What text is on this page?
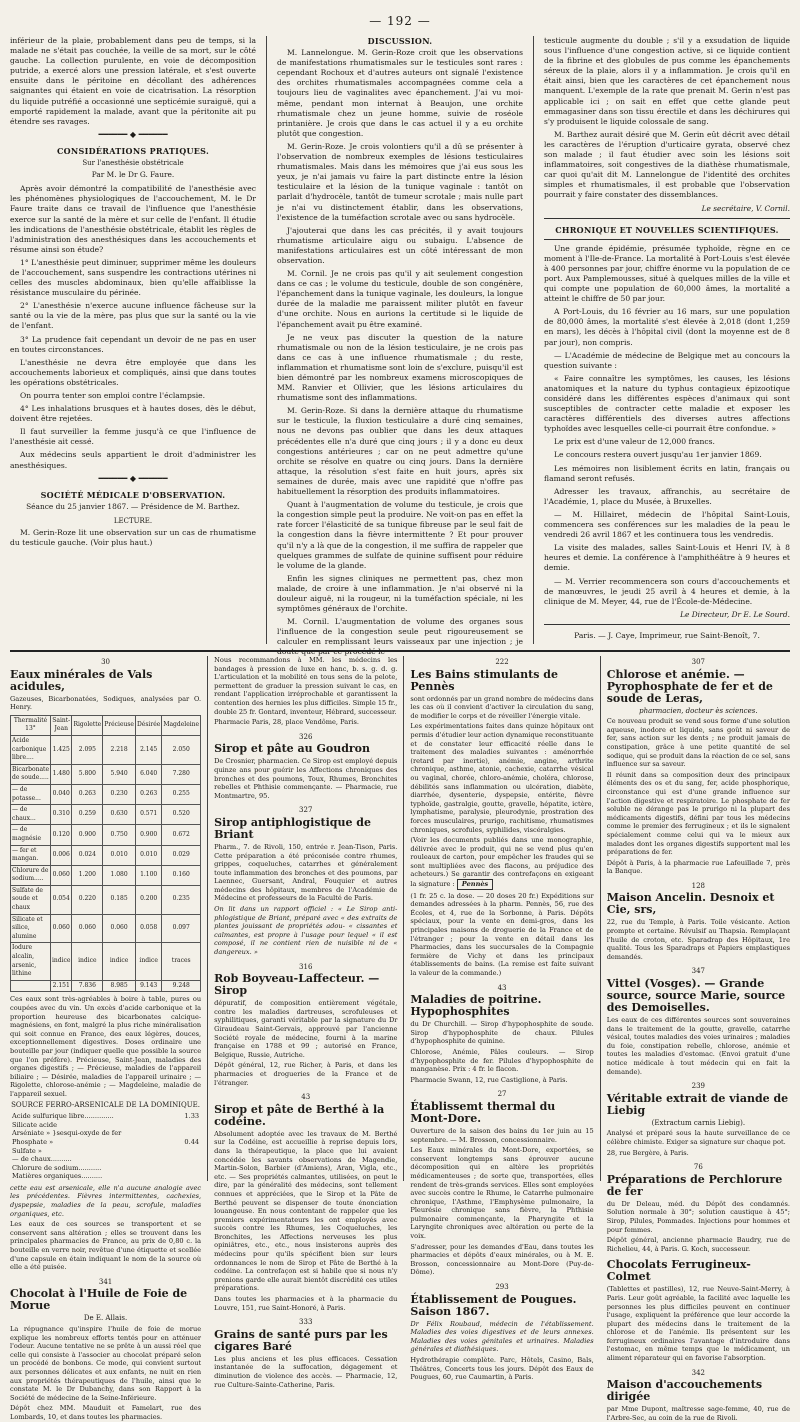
— 192 —

inférieur de la plaie, probablement dans peu de temps, si la malade ne s'était pas couchée, la veille de sa mort, sur le côté gauche. La collection purulente, en voie de décomposition putride, a exercé alors une pression latérale, et s'est ouverte ensuite dans le péritoine en décollant des adhérences saignantes qui étaient en voie de cicatrisation. La résorption du liquide putréfié a occasionné une septicémie suraiguë, qui a emporté rapidement la malade, avant que la péritonite ait pu étendre ses ravages.

━━━━━━ ◆ ━━━━━━
CONSIDÉRATIONS PRATIQUES.
Sur l'anesthésie obstétricale
Par M. le Dr G. Faure.

Après avoir démontré la compatibilité de l'anesthésie avec les phénomènes physiologiques de l'accouchement, M. le Dr Faure traite dans ce travail de l'influence que l'anesthésie exerce sur la santé de la mère et sur celle de l'enfant. Il étudie les indications de l'anesthésie obstétricale, établit les règles de l'administration des anesthésiques dans les accouchements et résume ainsi son étude?

1° L'anesthésie peut diminuer, supprimer même les douleurs de l'accouchement, sans suspendre les contractions utérines ni celles des muscles abdominaux, bien qu'elle affaiblisse la résistance musculaire du périnée.

2° L'anesthésie n'exerce aucune influence fâcheuse sur la santé ou la vie de la mère, pas plus que sur la santé ou la vie de l'enfant.

3° La prudence fait cependant un devoir de ne pas en user en toutes circonstances.

L'anesthésie ne devra être employée que dans les accouchements laborieux et compliqués, ainsi que dans toutes les opérations obstétricales.

On pourra tenter son emploi contre l'éclampsie.

4° Les inhalations brusques et à hautes doses, dès le début, doivent être rejetées.

Il faut surveiller la femme jusqu'à ce que l'influence de l'anesthésie ait cessé.

Aux médecins seuls appartient le droit d'administrer les anesthésiques.

━━━━━━ ◆ ━━━━━━
SOCIÉTÉ MÉDICALE D'OBSERVATION.
Séance du 25 janvier 1867. — Présidence de M. Barthez.
LECTURE.

M. Gerin-Roze lit une observation sur un cas de rhumatisme du testicule gauche. (Voir plus haut.)

DISCUSSION.

M. Lannelongue. M. Gerin-Roze croit que les observations de manifestations rhumatismales sur le testicules sont rares : cependant Rochoux et d'autres auteurs ont signalé l'existence des orchites rhumatismales accompagnées comme cela a toujours lieu de vaginalites avec épanchement. J'ai vu moi-même, pendant mon internat à Beaujon, une orchite rhumatismale chez un jeune homme, suivie de roséole printanière. Je crois que dans le cas actuel il y a eu orchite plutôt que congestion.

M. Gerin-Roze. Je crois volontiers qu'il a dû se présenter à l'observation de nombreux exemples de lésions testiculaires rhumatismales. Mais dans les mémoires que j'ai eus sous les yeux, je n'ai jamais vu faire la part distincte entre la lésion testiculaire et la lésion de la tunique vaginale : tantôt on parlait d'hydrocèle, tantôt de tumeur scrotale ; mais nulle part je n'ai vu distinctement établir, dans les observations, l'existence de la tuméfaction scrotale avec ou sans hydrocèle.

J'ajouterai que dans les cas précités, il y avait toujours rhumatisme articulaire aigu ou subaigu. L'absence de manifestations articulaires est un côté intéressant de mon observation.

M. Cornil. Je ne crois pas qu'il y ait seulement congestion dans ce cas ; le volume du testicule, double de son congénère, l'épanchement dans la tunique vaginale, les douleurs, la longue durée de la maladie me paraissent militer plutôt en faveur d'une orchite. Nous en aurions la certitude si le liquide de l'épanchement avait pu être examiné.

Je ne veux pas discuter la question de la nature rhumatismale ou non de la lésion testiculaire, je ne crois pas dans ce cas à une influence rhumatismale ; du reste, inflammation et rhumatisme sont loin de s'exclure, puisqu'il est bien démontré par les nombreux examens microscopiques de MM. Ranvier et Ollivier, que les lésions articulaires du rhumatisme sont des inflammations.

M. Gerin-Roze. Si dans la dernière attaque du rhumatisme sur le testicule, la fluxion testiculaire a duré cinq semaines, nous ne devons pas oublier que dans les deux attaques précédentes elle n'a duré que cinq jours ; il y a donc eu deux congestions antérieures ; car on ne peut admettre qu'une orchite se résolve en quatre ou cinq jours. Dans la dernière attaque, la résolution s'est faite en huit jours, après six semaines de durée, mais avec une rapidité que n'offre pas habituellement la résorption des produits inflammatoires.

Quant à l'augmentation de volume du testicule, je crois que la congestion simple peut la produire. Ne voit-on pas en effet la rate forcer l'élasticité de sa tunique fibreuse par le seul fait de la congestion dans la fièvre intermittente ? Et pour prouver qu'il n'y a là que de la congestion, il me suffira de rappeler que quelques grammes de sulfate de quinine suffisent pour réduire le volume de la glande.

Enfin les signes cliniques ne permettent pas, chez mon malade, de croire à une inflammation. Je n'ai observé ni la douleur aiguë, ni la rougeur, ni la tuméfaction spéciale, ni les symptômes généraux de l'orchite.

M. Cornil. L'augmentation de volume des organes sous l'influence de la congestion seule peut rigoureusement se calculer en remplissant leurs vaisseaux par une injection ; je doute que par ce procédé le

testicule augmente du double ; s'il y a exsudation de liquide sous l'influence d'une congestion active, si ce liquide contient de la fibrine et des globules de pus comme les épanchements séreux de la plaie, alors il y a inflammation. Je crois qu'il en était ainsi, bien que les caractères de cet épanchement nous manquent. L'exemple de la rate que prenait M. Gerin n'est pas applicable ici ; on sait en effet que cette glande peut emmagasiner dans son tissu érectile et dans les déchirures qui s'y produisent le liquide colossale de sang.

M. Barthez aurait désiré que M. Gerin eût décrit avec détail les caractères de l'éruption d'urticaire gyrata, observé chez son malade ; il faut étudier avec soin les lésions soit inflammatoires, soit congestives de la diathèse rhumatismale, car quoi qu'ait dit M. Lannelongue de l'identité des orchites simples et rhumatismales, il est probable que l'observation pourrait y faire constater des dissemblances.

Le secrétaire, V. Cornil.
CHRONIQUE ET NOUVELLES SCIENTIFIQUES.

Une grande épidémie, présumée typhoïde, règne en ce moment à l'Ile-de-France. La mortalité à Port-Louis s'est élevée à 400 personnes par jour, chiffre énorme vu la population de ce port. Aux Pamplemousses, situé à quelques milles de la ville et qui compte une population de 60,000 âmes, la mortalité a atteint le chiffre de 50 par jour.

A Port-Louis, du 16 février au 16 mars, sur une population de 80,000 âmes, la mortalité s'est élevée à 2,018 (dont 1,259 en mars), les décès à l'hôpital civil (dont la moyenne est de 8 par jour), non compris.

— L'Académie de médecine de Belgique met au concours la question suivante :

« Faire connaître les symptômes, les causes, les lésions anatomiques et la nature du typhus contagieux épizootique considéré dans les différentes espèces d'animaux qui sont susceptibles de contracter cette maladie et exposer les caractères différentiels des diverses autres affections typhoïdes avec lesquelles celle-ci pourrait être confondue. »

Le prix est d'une valeur de 12,000 francs.

Le concours restera ouvert jusqu'au 1er janvier 1869.

Les mémoires non lisiblement écrits en latin, français ou flamand seront refusés.

Adresser les travaux, affranchis, au secrétaire de l'Académie, 1, place du Musée, à Bruxelles.

— M. Hillairet, médecin de l'hôpital Saint-Louis, commencera ses conférences sur les maladies de la peau le vendredi 26 avril 1867 et les continuera tous les vendredis.

La visite des malades, salles Saint-Louis et Henri IV, à 8 heures et demie. La conférence à l'amphithéâtre à 9 heures et demie.

— M. Verrier recommencera son cours d'accouchements et de manœuvres, le jeudi 25 avril à 4 heures et demie, à la clinique de M. Meyer, 44, rue de l'École-de-Médecine.

Le Directeur, Dr E. Le Sourd.
Paris. — J. Caye, Imprimeur, rue Saint-Benoît, 7.
30
Eaux minérales de Vals acidules,

Gazeuses, Bicarbonatées, Sodiques, analysées par O. Henry.

Thermalité 13°	Saint-Jean	Rigolette	Précieuse	Désirée	Magdeleine
Acide carbonique libre....	1.425	2.095	2.218	2.145	2.050
Bicarbonate de soude.....	1.480	5.800	5.940	6.040	7.280
— de potasse...	0.040	0.263	0.230	0.263	0.255
— de chaux...	0.310	0.259	0.630	0.571	0.520
— de magnésie	0.120	0.900	0.750	0.900	0.672
— fer et mangan.	0.006	0.024	0.010	0.010	0.029
Chlorure de sodium.....	0.060	1.200	1.080	1.100	0.160
Sulfate de soude et chaux	0.054	0.220	0.185	0.200	0.235
Silicate et silice, alumine	0.060	0.060	0.060	0.058	0.097
Iodure alcalin, arsenic, lithine	indice	indice	indice	indice	traces
	2.151	7.836	8.985	9.143	9.248

Ces eaux sont très-agréables à boire à table, pures ou coupées avec du vin. Un excès d'acide carbonique et la proportion heureuse des bicarbonates calcique-magnésiens, en font, malgré la plus riche minéralisation qui soit connue en France, des eaux légères, douces, exceptionnellement digestives. Doses ordinaire une bouteille par jour (indiquer quelle que possible la source que l'on préfère). Précieuse, Saint-Jean, maladies des organes digestifs ; — Précieuse, maladies de l'appareil biliaire ; — Désirée, maladies de l'appareil urinaire ; — Rigolette, chlorose-anémie ; — Magdeleine, maladie de l'appareil sexuel.

SOURCE FERRO-ARSENICALE DE LA DOMINIQUE.
Acide sulfurique libre..............	1.33
Silicate acide	
Arséniate » }sesqui-oxyde de fer	
Phosphate »	0.44
Sulfate »	
— de chaux..........	
Chlorure de sodium...........	
Matières organiques..........	

cette eau est arsenicale, elle n'a aucune analogie avec les précédentes. Fièvres intermittentes, cachexies, dyspepsie, maladies de la peau, scrofule, maladies organiques, etc.

Les eaux de ces sources se transportent et se conservent sans altération ; elles se trouvent dans les principales pharmacies de France, au prix de 0,80 c. la bouteille en verre noir, revêtue d'une étiquette et scellée d'une capsule en étain indiquant le nom de la source où elle a été puisée.

341
Chocolat à l'Huile de Foie de Morue
De E. Allais.

La répugnance qu'inspire l'huile de foie de morue explique les nombreux efforts tentés pour en atténuer l'odeur. Aucune tentative ne se prête à un aussi réel que celle qui consiste à l'associer au chocolat préparé selon un procédé de bonbons. Ce mode, qui convient surtout aux personnes délicates et aux enfants, ne nuit en rien aux propriétés thérapeutiques de l'huile, ainsi que le constate M. le Dr Dubanchy, dans son Rapport à la Société de médecine de la Seine-Inférieure.

Dépôt chez MM. Mauduit et Famelart, rue des Lombards, 10, et dans toutes les pharmacies.

Nous recommandons à MM. les médecins les bandages à pression de luxe en hanc, b. s. g. d. g. L'articulation et la mobilité en tous sens de la pelote, permettent de graduer la pression suivant le cas, en rendant l'application irréprochable et garantissent la contention des hernies les plus difficiles. Simple 15 fr., double 25 fr. Gontard, inventeur, Hébrard, successeur.

Pharmacie Paris, 28, place Vendôme, Paris.

326
Sirop et pâte au Goudron

De Crosnier, pharmacien. Ce Sirop est employé depuis quinze ans pour guérir les Affections chroniques des bronches et des poumons, Toux, Rhumes, Bronchites rebelles et Phthisie commençante. — Pharmacie, rue Montmartre, 95.

327
Sirop antiphlogistique de Briant

Pharm., 7. de Rivoli, 150, entrée r. Jean-Tison, Paris. Cette préparation a été préconisée contre rhumes, grippes, coqueluches, catarrhes et généralement toute inflammation des bronches et des poumons, par Laennec, Guersant, Andral, Fouquier et autres médecins des hôpitaux, membres de l'Académie de Médecine et professeurs de la Faculté de Paris.

On lit dans un rapport officiel : « Le Sirop anti-phlogistique de Briant, préparé avec « des extraits de plantes jouissant de propriétés adou- « cissantes et calmantes, est propre à l'usage pour lequel « il est composé, il ne contient rien de nuisible ni de « dangereux. »

316
Rob Boyveau-Laffecteur. — Sirop

dépuratif, de composition entièrement végétale, contre les maladies dartreuses, scrofuleuses et syphilitiques, garanti véritable par la signature du Dr Giraudeau Saint-Gervais, approuvé par l'ancienne Société royale de médecine, fourni à la marine française en 1788 et 99 ; autorisé en France, Belgique, Russie, Autriche.

Dépôt général, 12, rue Richer, à Paris, et dans les pharmacies et drogueries de la France et de l'étranger.

43
Sirop et pâte de Berthé à la codéine.

Absolument adoptée avec les travaux de M. Berthé sur la Codéine, est accueillie à reprise depuis lors, dans la thérapeutique, la place que lui avaient concédée les savants observations de Magendie, Martin-Solon, Barbier (d'Amiens), Aran, Vigla, etc., etc. — Ses propriétés calmantes, utilisées, on peut le dire, par la généralité des médecins, sont tellement connues et appréciées, que le Sirop et la Pâte de Berthé peuvent se dispenser de toute énonciation louangeuse. En nous contentant de rappeler que les premiers expérimentateurs les ont employés avec succès contre les Rhumes, les Coqueluches, les Bronchites, les Affections nerveuses les plus opiniâtres, etc., etc., nous insisterons auprès des médecins pour qu'ils spécifient bien sur leurs ordonnances le nom de Sirop et Pâte de Berthé à la codéine. La contrefaçon est si habile que si nous n'y prenions garde elle aurait bientôt discrédité ces utiles préparations.

Dans toutes les pharmacies et à la pharmacie du Louvre, 151, rue Saint-Honoré, à Paris.

333
Grains de santé purs par les cigares Baré

Les plus anciens et les plus efficaces. Cessation instantanée de la suffocation, dégagement et diminution de violence des accès. — Pharmacie, 12, rue Culture-Sainte-Catherine, Paris.

222
Les Bains stimulants de Pennès

sont ordonnés par un grand nombre de médecins dans les cas où il convient d'activer la circulation du sang, de modifier le corps et de réveiller l'énergie vitale.

Les expérimentations faites dans quinze hôpitaux ont permis d'étudier leur action dynamique reconstituante et de constater leur efficacité réelle dans le traitement des maladies suivantes : aménorrhée (retard par inertie), anémie, angine, arthrite chronique, asthme, atonie, cachexie, catarrhe vésical ou vaginal, chorée, chloro-anémie, choléra, chlorose, débilités sans inflammation ou ulcération, diabète, diarrhée, dysenterie, dyspepsie, entérite, fièvre typhoïde, gastralgie, goutte, gravelle, hépatite, ictère, lymphatisme, paralysie, pleurodynie, prostration des forces musculaires, prurigo, rachitisme, rhumatismes chroniques, scrofules, syphilides, viscéralgies.

(Voir les documents publiés dans une monographie, délivrée avec le produit, qui ne se vend plus qu'en rouleaux de carton, pour empêcher les fraudes qui se sont multipliées avec des flacons, au préjudice des acheteurs.) Se garantir des contrefaçons en exigeant la signature : Pennès

(1 fr. 25 c. la dose. — 20 doses 20 fr.) Expéditions sur demandes adressées à la pharm. Pennès, 56, rue des Écoles, et 4, rue de la Sorbonne, à Paris. Dépôts spéciaux, pour la vente en demi-gros, dans les principales maisons de droguerie de la France et de l'étranger ; pour la vente en détail dans les Pharmacies, dans les succursales de la Compagnie fermière de Vichy et dans les principaux établissements de bains. (La remise est faite suivant la valeur de la commande.)

43
Maladies de poitrine. Hypophosphites

du Dr Churchill. — Sirop d'hypophosphite de soude. Sirop d'hypophosphite de chaux. Pilules d'hypophosphite de quinine.

Chlorose, Anémie, Pâles couleurs. — Sirop d'hypophosphite de fer. Pilules d'hypophosphite de manganèse. Prix : 4 fr. le flacon.

Pharmacie Swann, 12, rue Castiglione, à Paris.

27
Établissemt thermal du Mont-Dore.

Ouverture de la saison des bains du 1er juin au 15 septembre. — M. Brosson, concessionnaire.

Les Eaux minérales du Mont-Dore, exportées, se conservent longtemps sans éprouver aucune décomposition qui en altère les propriétés médicamenteuses ; de sorte que, transportées, elles rendent de très-grands services. Elles sont employées avec succès contre le Rhume, le Catarrhe pulmonaire chronique, l'Asthme, l'Emphysème pulmonaire, la Pleurésie chronique sans fièvre, la Phthisie pulmonaire commençante, la Pharyngite et la Laryngite chroniques avec altération ou perte de la voix.

S'adresser, pour les demandes d'Eau, dans toutes les pharmacies et dépôts d'eaux minérales, ou à M. E. Brosson, concessionnaire au Mont-Dore (Puy-de-Dôme).

293
Établissement de Pougues. Saison 1867.

Dr Félix Roubaud, médecin de l'établissement. Maladies des voies digestives et de leurs annexes. Maladies des voies génitales et urinaires. Maladies générales et diathésiques.

Hydrothérapie complète. Parc, Hôtels, Casino, Bals, Théâtres, Concerts tous les jours. Dépôt des Eaux de Pougues, 60, rue Caumartin, à Paris.

307
Chlorose et anémie. — Pyrophosphate de fer et de soude de Leras,
pharmacien, docteur ès sciences.

Ce nouveau produit se vend sous forme d'une solution aqueuse, inodore et liquide, sans goût ni saveur de fer, sans action sur les dents ; ne produit jamais de constipation, grâce à une petite quantité de sel sodique, qui se produit dans la réaction de ce sel, sans influence sur sa saveur.

Il réunit dans sa composition deux des principaux éléments des os et du sang, fer, acide phosphorique, circonstance qui est d'une grande influence sur l'action digestive et respiratoire. Le phosphate de fer soluble ne dérange pas le prurigo ni la plupart des médicaments digestifs, défini par tous les médecins comme le premier des ferrugineux ; et ils le signalent spécialement comme celui qui va le mieux aux malades dont les organes digestifs supportent mal les préparations de fer.

Dépôt à Paris, à la pharmacie rue Lafeuillade 7, près la Banque.

128
Maison Ancelin. Desnoix et Cie, srs,

22, rue du Temple, à Paris. Toile vésicante. Action prompte et certaine. Révulsif au Thapsia. Remplaçant l'huile de croton, etc. Sparadrap des Hôpitaux, 1re qualité. Tous les Sparadraps et Papiers emplastiques demandés.

347
Vittel (Vosges). — Grande source, source Marie, source des Demoiselles.

Les eaux de ces différentes sources sont souveraines dans le traitement de la goutte, gravelle, catarrhe vésical, toutes maladies des voies urinaires ; maladies du foie, constipation rebelle, chlorose, anémie et toutes les maladies d'estomac. (Envoi gratuit d'une notice médicale à tout médecin qui en fait la demande).

239
Véritable extrait de viande de Liebig
(Extractum carnis Liebig).

Analysé et préparé sous la haute surveillance de ce célèbre chimiste. Exiger sa signature sur chaque pot.

28, rue Bergère, à Paris.

76
Préparations de Perchlorure de fer

du Dr Deleau, méd. du Dépôt des condamnés. Solution normale à 30°; solution caustique à 45°; Sirop, Pilules, Pommades. Injections pour hommes et pour femmes.

Dépôt général, ancienne pharmacie Baudry, rue de Richelieu, 44, à Paris. G. Koch, successeur.

Chocolats Ferrugineux-Colmet

(Tablettes et pastilles), 12, rue Neuve-Saint-Merry, à Paris. Leur goût agréable, la facilité avec laquelle les personnes les plus difficiles peuvent en continuer l'usage, expliquent la préférence que leur accorde la plupart des médecins dans le traitement de la chlorose et de l'anémie. Ils présentent sur les ferrugineux ordinaires l'avantage d'introduire dans l'estomac, en même temps que le médicament, un aliment réparateur qui en favorise l'absorption.

342
Maison d'accouchements dirigée

par Mme Dupont, maîtresse sage-femme, 40, rue de l'Arbre-Sec, au coin de la rue de Rivoli.
